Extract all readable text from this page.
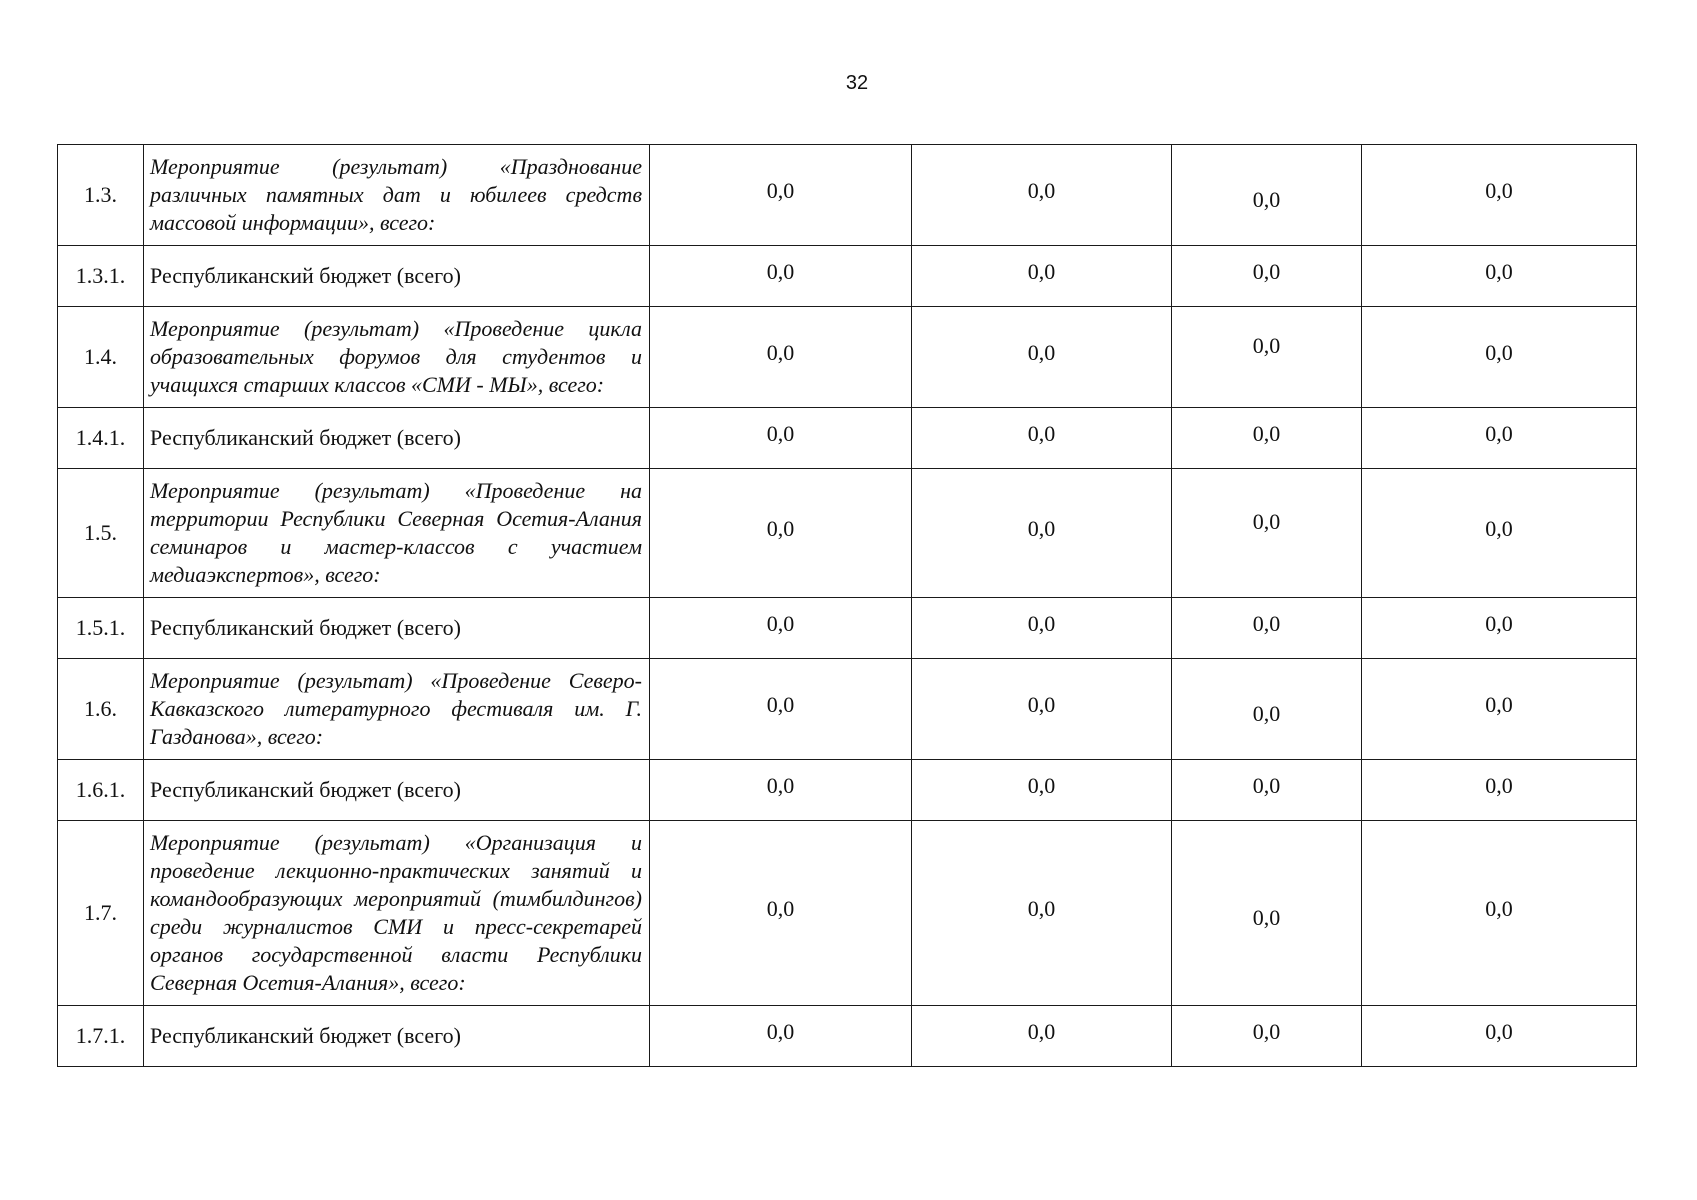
32
1.3.	Мероприятие (результат) «Празднование различных памятных дат и юбилеев средств массовой информации», всего:	0,0	0,0	0,0	0,0
1.3.1.	Республиканский бюджет (всего)	0,0	0,0	0,0	0,0
1.4.	Мероприятие (результат) «Проведение цикла образовательных форумов для студентов и учащихся старших классов «СМИ - МЫ», всего:	0,0	0,0	0,0	0,0
1.4.1.	Республиканский бюджет (всего)	0,0	0,0	0,0	0,0
1.5.	Мероприятие (результат) «Проведение на территории Республики Северная Осетия-Алания семинаров и мастер-классов с участием медиаэкспертов», всего:	0,0	0,0	0,0	0,0
1.5.1.	Республиканский бюджет (всего)	0,0	0,0	0,0	0,0
1.6.	Мероприятие (результат) «Проведение Северо-Кавказского литературного фестиваля им. Г. Газданова», всего:	0,0	0,0	0,0	0,0
1.6.1.	Республиканский бюджет (всего)	0,0	0,0	0,0	0,0
1.7.	Мероприятие (результат) «Организация и проведение лекционно-практических занятий и командообразующих мероприятий (тимбилдингов) среди журналистов СМИ и пресс-секретарей органов государственной власти Республики Северная Осетия-Алания», всего:	0,0	0,0	0,0	0,0
1.7.1.	Республиканский бюджет (всего)	0,0	0,0	0,0	0,0
